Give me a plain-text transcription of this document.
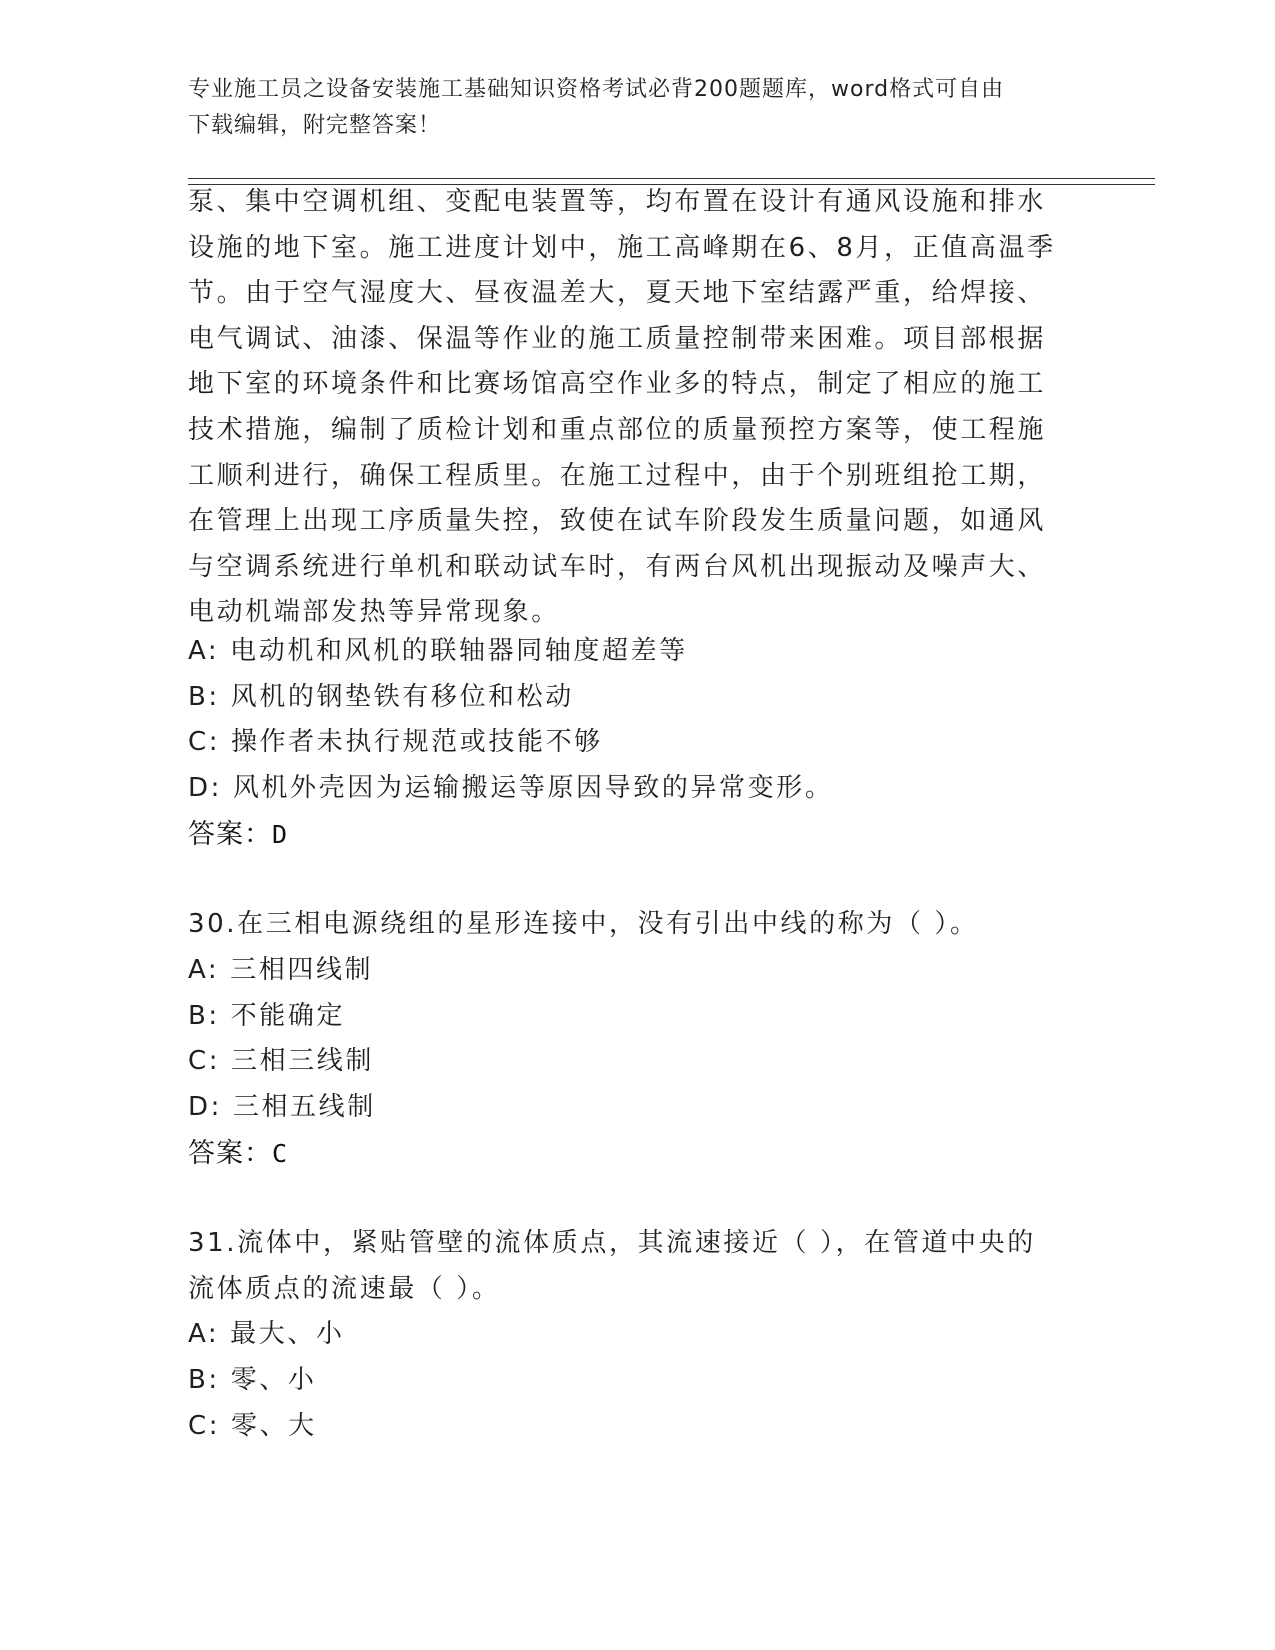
专业施工员之设备安装施工基础知识资格考试必背200题题库，word格式可自由
下载编辑，附完整答案！
泵、集中空调机组、变配电装置等，均布置在设计有通风设施和排水
设施的地下室。施工进度计划中，施工高峰期在6、8月，正值高温季
节。由于空气湿度大、昼夜温差大，夏天地下室结露严重，给焊接、
电气调试、油漆、保温等作业的施工质量控制带来困难。项目部根据
地下室的环境条件和比赛场馆高空作业多的特点，制定了相应的施工
技术措施，编制了质检计划和重点部位的质量预控方案等，使工程施
工顺利进行，确保工程质里。在施工过程中，由于个别班组抢工期，
在管理上出现工序质量失控，致使在试车阶段发生质量问题，如通风
与空调系统进行单机和联动试车时，有两台风机出现振动及噪声大、
电动机端部发热等异常现象。
A: 电动机和风机的联轴器同轴度超差等
B: 风机的钢垫铁有移位和松动
C: 操作者未执行规范或技能不够
D: 风机外壳因为运输搬运等原因导致的异常变形。
答案：D
30.在三相电源绕组的星形连接中，没有引出中线的称为（ ）。
A: 三相四线制
B: 不能确定
C: 三相三线制
D: 三相五线制
答案：C
31.流体中，紧贴管壁的流体质点，其流速接近（ ），在管道中央的
流体质点的流速最（ ）。
A: 最大、小
B: 零、小
C: 零、大
